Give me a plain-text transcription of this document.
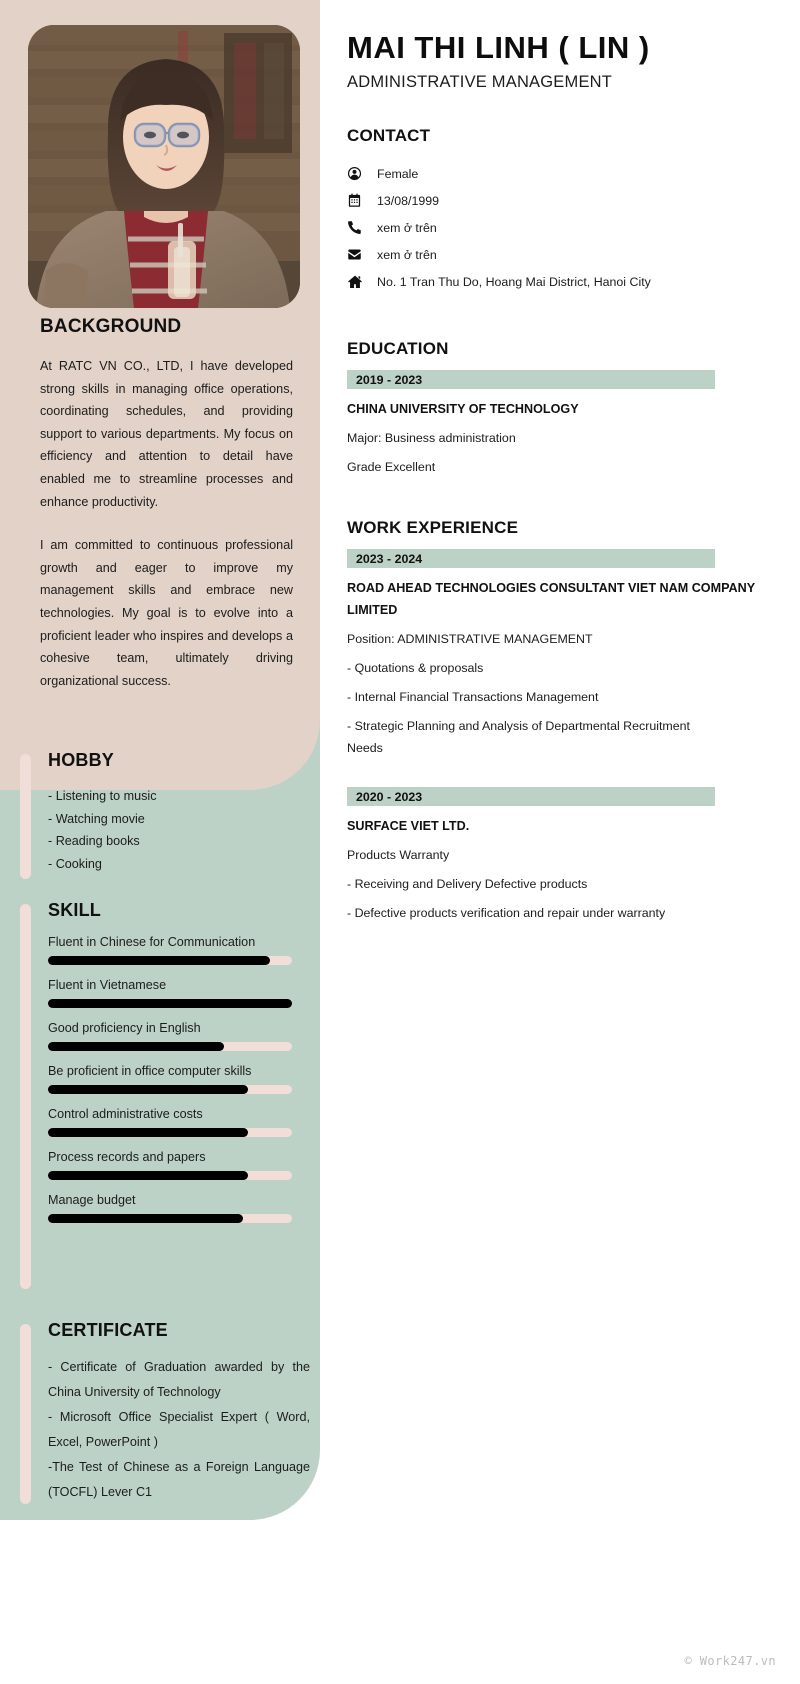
BACKGROUND

At RATC VN CO., LTD, I have developed strong skills in managing office operations, coordinating schedules, and providing support to various departments. My focus on efficiency and attention to detail have enabled me to streamline processes and enhance productivity.

I am committed to continuous professional growth and eager to improve my management skills and embrace new technologies. My goal is to evolve into a proficient leader who inspires and develops a cohesive team, ultimately driving organizational success.

HOBBY
- Listening to music
- Watching movie
- Reading books
- Cooking
SKILL
Fluent in Chinese for Communication
Fluent in Vietnamese
Good proficiency in English
Be proficient in office computer skills
Control administrative costs
Process records and papers
Manage budget
CERTIFICATE
- Certificate of Graduation awarded by the China University of Technology
- Microsoft Office Specialist Expert ( Word, Excel, PowerPoint )
-The Test of Chinese as a Foreign Language (TOCFL) Lever C1
MAI THI LINH ( LIN )
ADMINISTRATIVE MANAGEMENT
CONTACT
Female
13/08/1999
xem ở trên
xem ở trên
No. 1 Tran Thu Do, Hoang Mai District, Hanoi City
EDUCATION
2019 - 2023
CHINA UNIVERSITY OF TECHNOLOGY
Major: Business administration
Grade Excellent
WORK EXPERIENCE
2023 - 2024
ROAD AHEAD TECHNOLOGIES CONSULTANT VIET NAM COMPANY LIMITED
Position: ADMINISTRATIVE MANAGEMENT
- Quotations & proposals
- Internal Financial Transactions Management
- Strategic Planning and Analysis of Departmental Recruitment Needs
2020 - 2023
SURFACE VIET LTD.
Products Warranty
- Receiving and Delivery Defective products
- Defective products verification and repair under warranty
© Work247.vn
